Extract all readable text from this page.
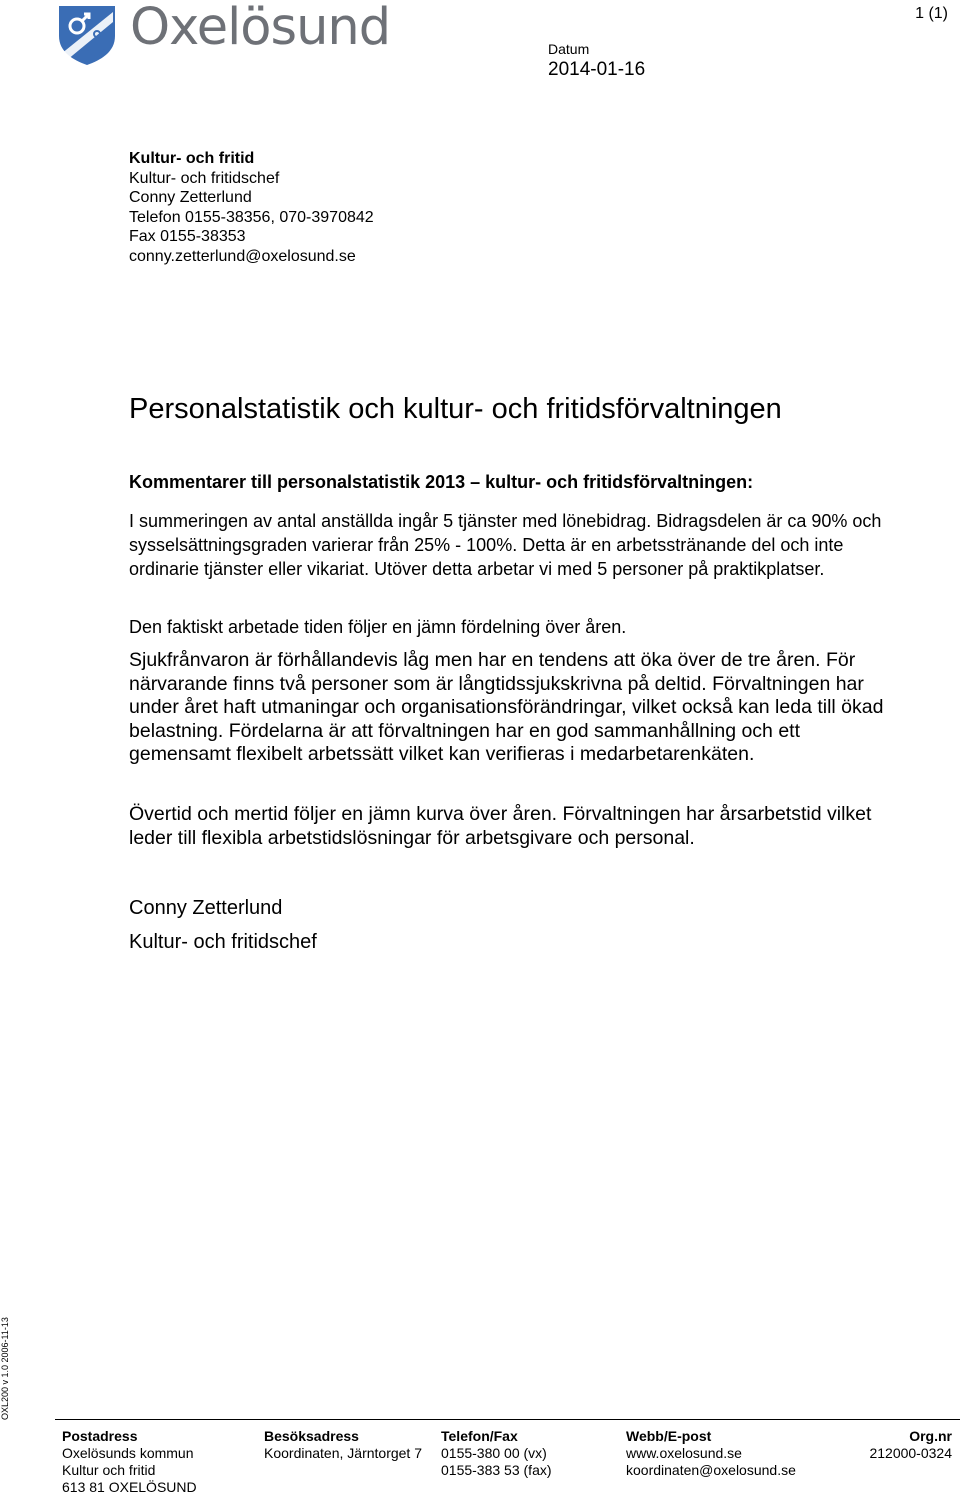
Oxelösund	1 (1)
Datum
2014-01-16
Kultur- och fritid
Kultur- och fritidschef
Conny Zetterlund
Telefon 0155-38356, 070-3970842
Fax 0155-38353
conny.zetterlund@oxelosund.se
Personalstatistik och kultur- och fritidsförvaltningen
Kommentarer till personalstatistik 2013 – kultur- och fritidsförvaltningen:
I summeringen av antal anställda ingår 5 tjänster med lönebidrag. Bidragsdelen är ca 90% och sysselsättningsgraden varierar från 25% - 100%. Detta är en arbetsstränande del och inte ordinarie tjänster eller vikariat. Utöver detta arbetar vi med 5 personer på praktikplatser.
Den faktiskt arbetade tiden följer en jämn fördelning över åren.
Sjukfrånvaron är förhållandevis låg men har en tendens att öka över de tre åren. För närvarande finns två personer som är långtidssjukskrivna på deltid. Förvaltningen har under året haft utmaningar och organisationsförändringar, vilket också kan leda till ökad belastning. Fördelarna är att förvaltningen har en god sammanhållning och ett gemensamt flexibelt arbetssätt vilket kan verifieras i medarbetarenkäten.
Övertid och mertid följer en jämn kurva över åren. Förvaltningen har årsarbetstid vilket leder till flexibla arbetstidslösningar för arbetsgivare och personal.
Conny Zetterlund
Kultur- och fritidschef
OXL200 v 1.0 2006-11-13
Postadress
Oxelösunds kommun
Kultur och fritid
613 81 OXELÖSUND
Besöksadress
Koordinaten, Järntorget 7
Telefon/Fax
0155-380 00 (vx)
0155-383 53 (fax)
Webb/E-post
www.oxelosund.se
koordinaten@oxelosund.se
Org.nr
212000-0324
